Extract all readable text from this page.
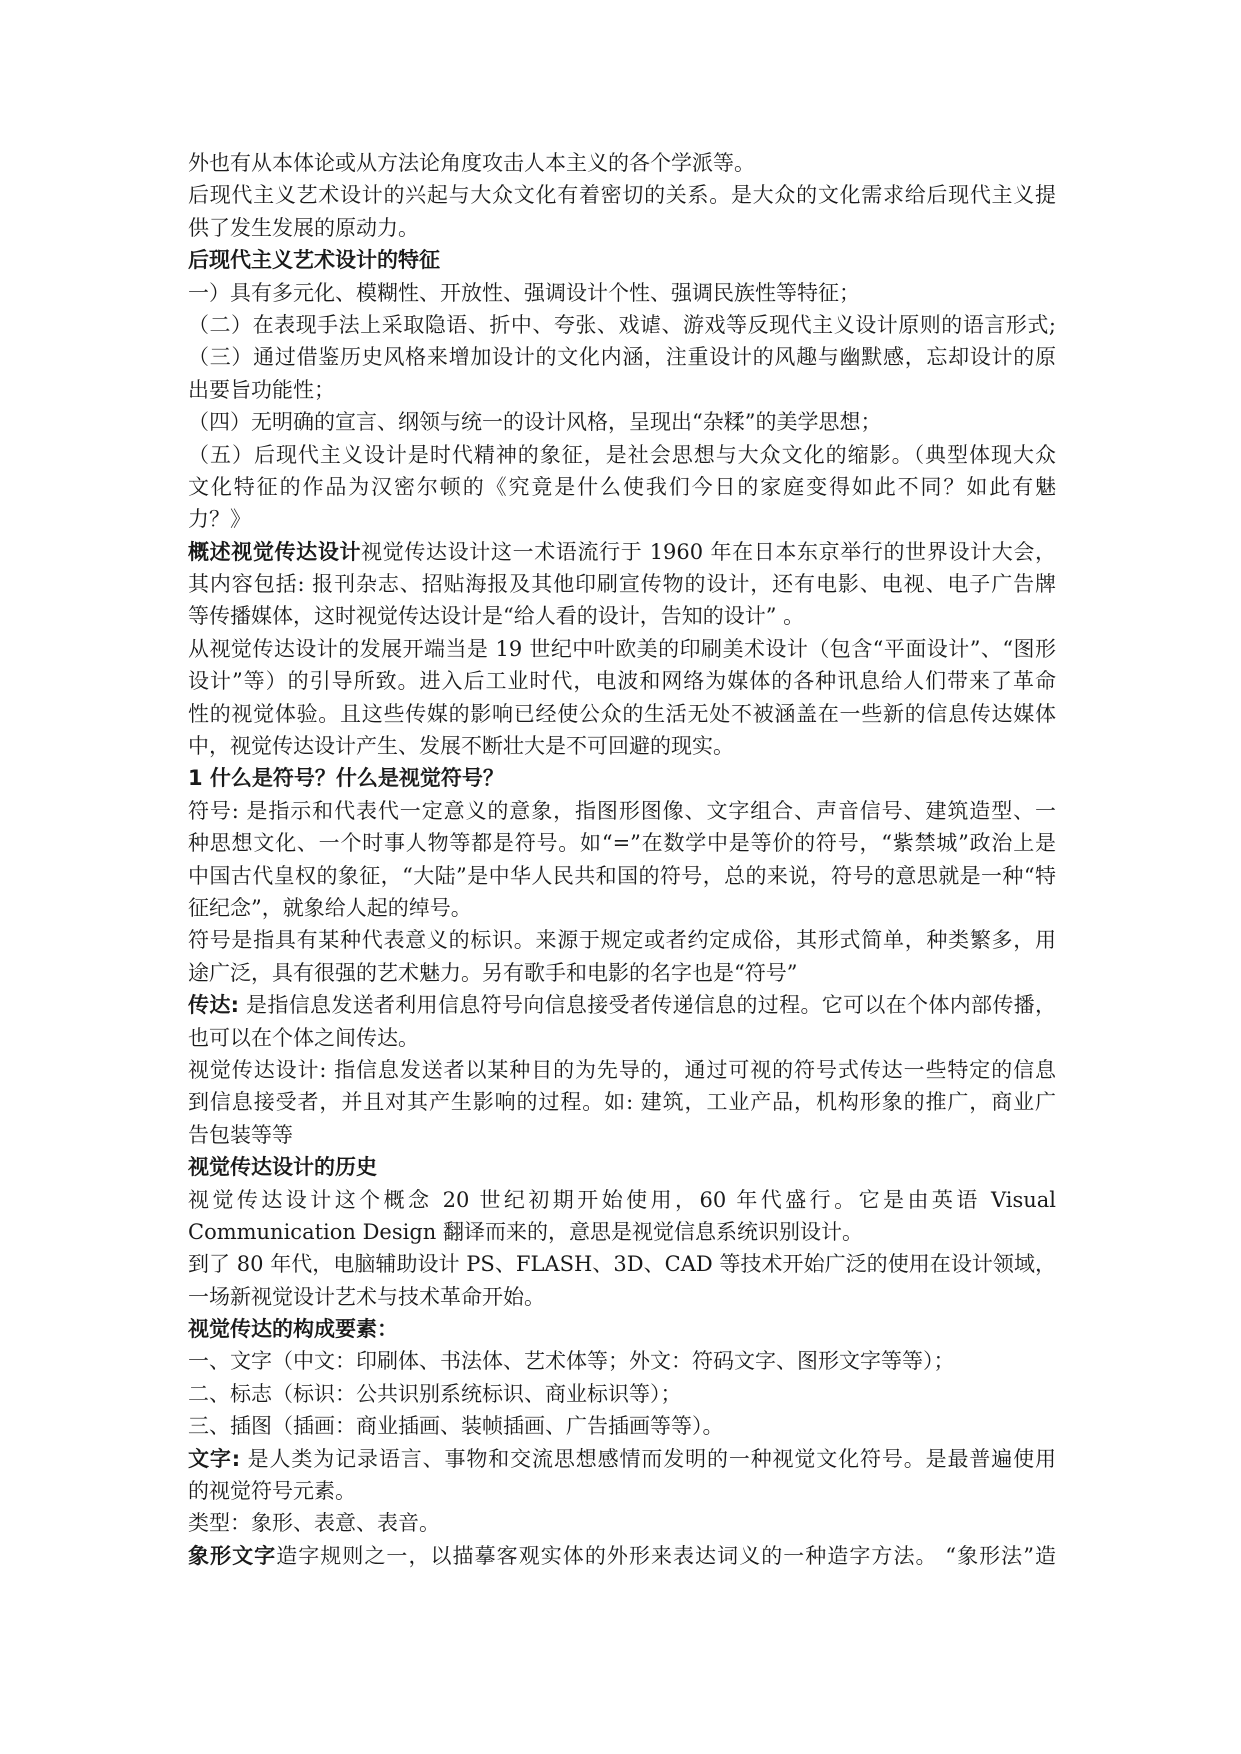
外也有从本体论或从方法论角度攻击人本主义的各个学派等。
后现代主义艺术设计的兴起与大众文化有着密切的关系。是大众的文化需求给后现代主义提
供了发生发展的原动力。
后现代主义艺术设计的特征
一）具有多元化、模糊性、开放性、强调设计个性、强调民族性等特征；
（二）在表现手法上采取隐语、折中、夸张、戏谑、游戏等反现代主义设计原则的语言形式;
（三）通过借鉴历史风格来增加设计的文化内涵，注重设计的风趣与幽默感，忘却设计的原
出要旨功能性；
（四）无明确的宣言、纲领与统一的设计风格，呈现出“杂糅”的美学思想；
（五）后现代主义设计是时代精神的象征，是社会思想与大众文化的缩影。（典型体现大众
文化特征的作品为汉密尔顿的《究竟是什么使我们今日的家庭变得如此不同？如此有魅
力？》
概述视觉传达设计视觉传达设计这一术语流行于 1960 年在日本东京举行的世界设计大会，
其内容包括: 报刊杂志、招贴海报及其他印刷宣传物的设计，还有电影、电视、电子广告牌
等传播媒体，这时视觉传达设计是“给人看的设计，告知的设计” 。
从视觉传达设计的发展开端当是 19 世纪中叶欧美的印刷美术设计（包含“平面设计”、“图形
设计”等）的引导所致。进入后工业时代，电波和网络为媒体的各种讯息给人们带来了革命
性的视觉体验。且这些传媒的影响已经使公众的生活无处不被涵盖在一些新的信息传达媒体
中，视觉传达设计产生、发展不断壮大是不可回避的现实。
1 什么是符号？什么是视觉符号？
符号: 是指示和代表代一定意义的意象，指图形图像、文字组合、声音信号、建筑造型、一
种思想文化、一个时事人物等都是符号。如“=”在数学中是等价的符号，“紫禁城”政治上是
中国古代皇权的象征，“大陆”是中华人民共和国的符号，总的来说，符号的意思就是一种“特
征纪念”，就象给人起的绰号。
符号是指具有某种代表意义的标识。来源于规定或者约定成俗，其形式简单，种类繁多，用
途广泛，具有很强的艺术魅力。另有歌手和电影的名字也是“符号”
传达: 是指信息发送者利用信息符号向信息接受者传递信息的过程。它可以在个体内部传播，
也可以在个体之间传达。
视觉传达设计: 指信息发送者以某种目的为先导的，通过可视的符号式传达一些特定的信息
到信息接受者，并且对其产生影响的过程。如: 建筑，工业产品，机构形象的推广，商业广
告包装等等
视觉传达设计的历史
视觉传达设计这个概念 20 世纪初期开始使用，60 年代盛行。它是由英语 Visual
Communication Design 翻译而来的，意思是视觉信息系统识别设计。
到了 80 年代，电脑辅助设计 PS、FLASH、3D、CAD 等技术开始广泛的使用在设计领域，
一场新视觉设计艺术与技术革命开始。
视觉传达的构成要素：
一、文字（中文：印刷体、书法体、艺术体等；外文：符码文字、图形文字等等）；
二、标志（标识：公共识别系统标识、商业标识等）；
三、插图（插画：商业插画、装帧插画、广告插画等等）。
文字: 是人类为记录语言、事物和交流思想感情而发明的一种视觉文化符号。是最普遍使用
的视觉符号元素。
类型：象形、表意、表音。
象形文字造字规则之一，以描摹客观实体的外形来表达词义的一种造字方法。 “象形法”造
